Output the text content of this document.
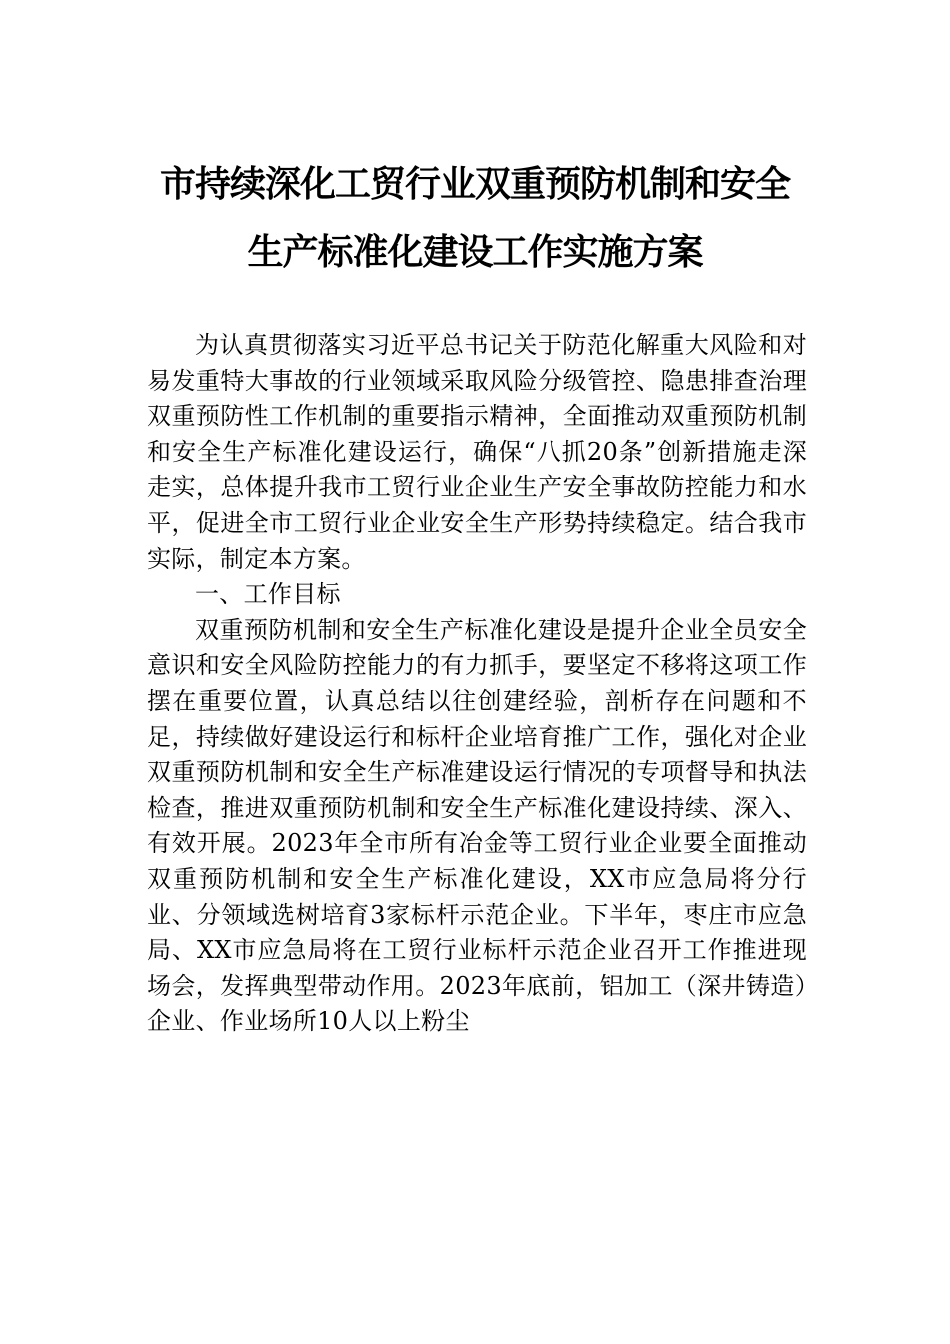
市持续深化工贸行业双重预防机制和安全
生产标准化建设工作实施方案

为认真贯彻落实习近平总书记关于防范化解重大风险和对易发重特大事故的行业领域采取风险分级管控、隐患排查治理双重预防性工作机制的重要指示精神，全面推动双重预防机制和安全生产标准化建设运行，确保“八抓20条”创新措施走深走实，总体提升我市工贸行业企业生产安全事故防控能力和水平，促进全市工贸行业企业安全生产形势持续稳定。结合我市实际，制定本方案。

一、工作目标

双重预防机制和安全生产标准化建设是提升企业全员安全意识和安全风险防控能力的有力抓手，要坚定不移将这项工作摆在重要位置，认真总结以往创建经验，剖析存在问题和不足，持续做好建设运行和标杆企业培育推广工作，强化对企业双重预防机制和安全生产标准建设运行情况的专项督导和执法检查，推进双重预防机制和安全生产标准化建设持续、深入、有效开展。2023年全市所有冶金等工贸行业企业要全面推动双重预防机制和安全生产标准化建设，XX市应急局将分行业、分领域选树培育3家标杆示范企业。下半年，枣庄市应急局、XX市应急局将在工贸行业标杆示范企业召开工作推进现场会，发挥典型带动作用。2023年底前，铝加工（深井铸造）企业、作业场所10人以上粉尘
